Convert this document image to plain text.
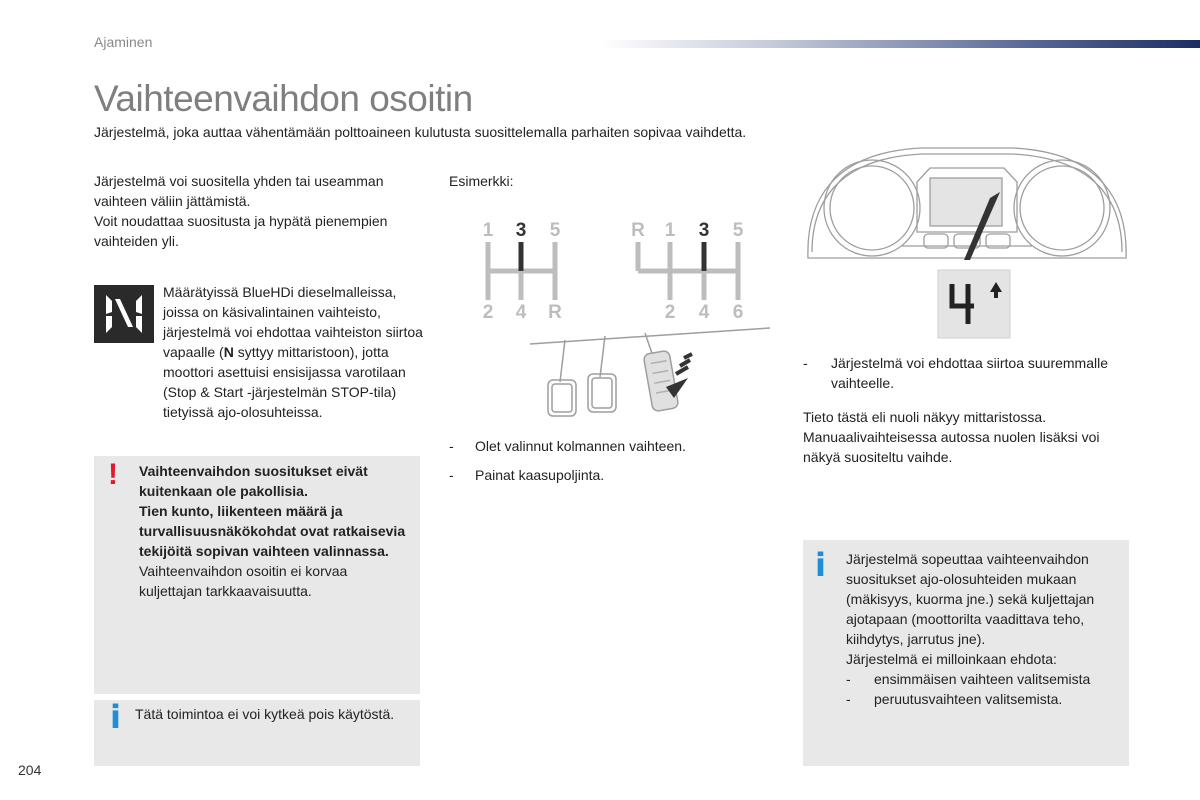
Ajaminen
Vaihteenvaihdon osoitin
Järjestelmä, joka auttaa vähentämään polttoaineen kulutusta suosittelemalla parhaiten sopivaa vaihdetta.
Järjestelmä voi suositella yhden tai useamman vaihteen väliin jättämistä.
Voit noudattaa suositusta ja hypätä pienempien vaihteiden yli.
N	Määrätyissä BlueHDi dieselmalleissa, joissa on käsivalintainen vaihteisto, järjestelmä voi ehdottaa vaihteiston siirtoa vapaalle (N syttyy mittaristoon), jotta moottori asettuisi ensisijassa varotilaan (Stop & Start -järjestelmän STOP-tila) tietyissä ajo-olosuhteissa.
! Vaihteenvaihdon suositukset eivät kuitenkaan ole pakollisia.
Tien kunto, liikenteen määrä ja turvallisuusnäkökohdat ovat ratkaisevia tekijöitä sopivan vaihteen valinnassa.
Vaihteenvaihdon osoitin ei korvaa kuljettajan tarkkaavaisuutta.
i Tätä toimintoa ei voi kytkeä pois käytöstä.
Esimerkki:
1 3 5
2 4 R
R 1 3 5
2 4 6
- Olet valinnut kolmannen vaihteen.
- Painat kaasupoljinta.
4
-	Järjestelmä voi ehdottaa siirtoa suuremmalle vaihteelle.
Tieto tästä eli nuoli näkyy mittaristossa. Manuaalivaihteisessa autossa nuolen lisäksi voi näkyä suositeltu vaihde.
i Järjestelmä sopeuttaa vaihteenvaihdon suositukset ajo-olosuhteiden mukaan (mäkisyys, kuorma jne.) sekä kuljettajan ajotapaan (moottorilta vaadittava teho, kiihdytys, jarrutus jne).
Järjestelmä ei milloinkaan ehdota:
- ensimmäisen vaihteen valitsemista
- peruutusvaihteen valitsemista.
204
